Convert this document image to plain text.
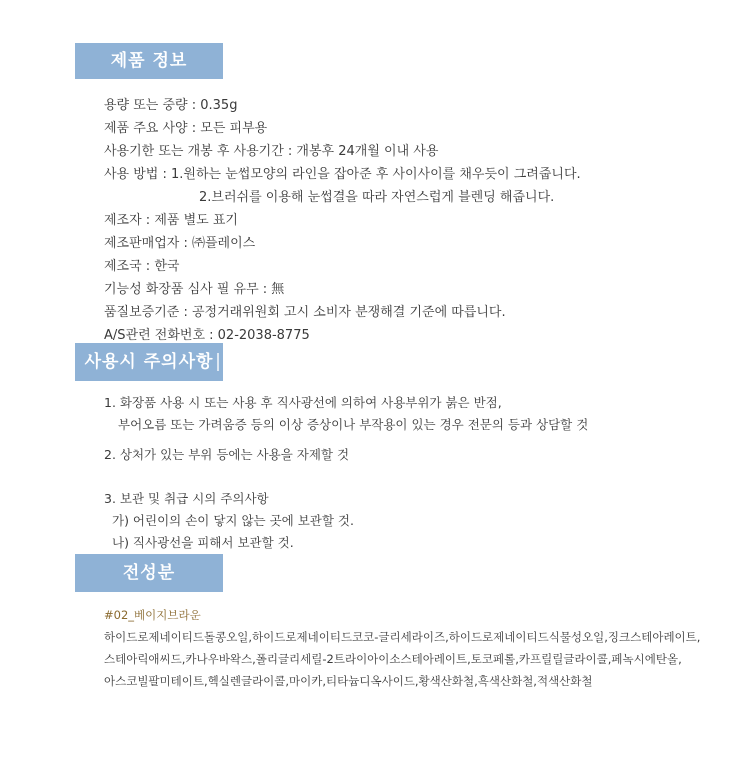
제품 정보
용량 또는 중량 : 0.35g
제품 주요 사양 : 모든 피부용
사용기한 또는 개봉 후 사용기간 : 개봉후 24개월 이내 사용
사용 방법 : 1.원하는 눈썹모양의 라인을 잡아준 후 사이사이를 채우듯이 그려줍니다.
2.브러쉬를 이용해 눈썹결을 따라 자연스럽게 블렌딩 해줍니다.
제조자 : 제품 별도 표기
제조판매업자 : ㈜플레이스
제조국 : 한국
기능성 화장품 심사 필 유무 : 無
품질보증기준 : 공정거래위원회 고시 소비자 분쟁해결 기준에 따릅니다.
A/S관련 전화번호 : 02-2038-8775
사용시 주의사항
1. 화장품 사용 시 또는 사용 후 직사광선에 의하여 사용부위가 붉은 반점,
부어오름 또는 가려움증 등의 이상 증상이나 부작용이 있는 경우 전문의 등과 상담할 것
2. 상처가 있는 부위 등에는 사용을 자제할 것
3. 보관 및 취급 시의 주의사항
가) 어린이의 손이 닿지 않는 곳에 보관할 것.
나) 직사광선을 피해서 보관할 것.
전성분
#02_베이지브라운
하이드로제네이티드돌콩오일,하이드로제네이티드코코-글리세라이즈,하이드로제네이티드식물성오일,징크스테아레이트,
스테아릭애씨드,카나우바왁스,폴리글리세릴-2트라이아이소스테아레이트,토코페롤,카프릴릴글라이콜,페녹시에탄올,
아스코빌팔미테이트,헥실렌글라이콜,마이카,티타늄디옥사이드,황색산화철,흑색산화철,적색산화철
